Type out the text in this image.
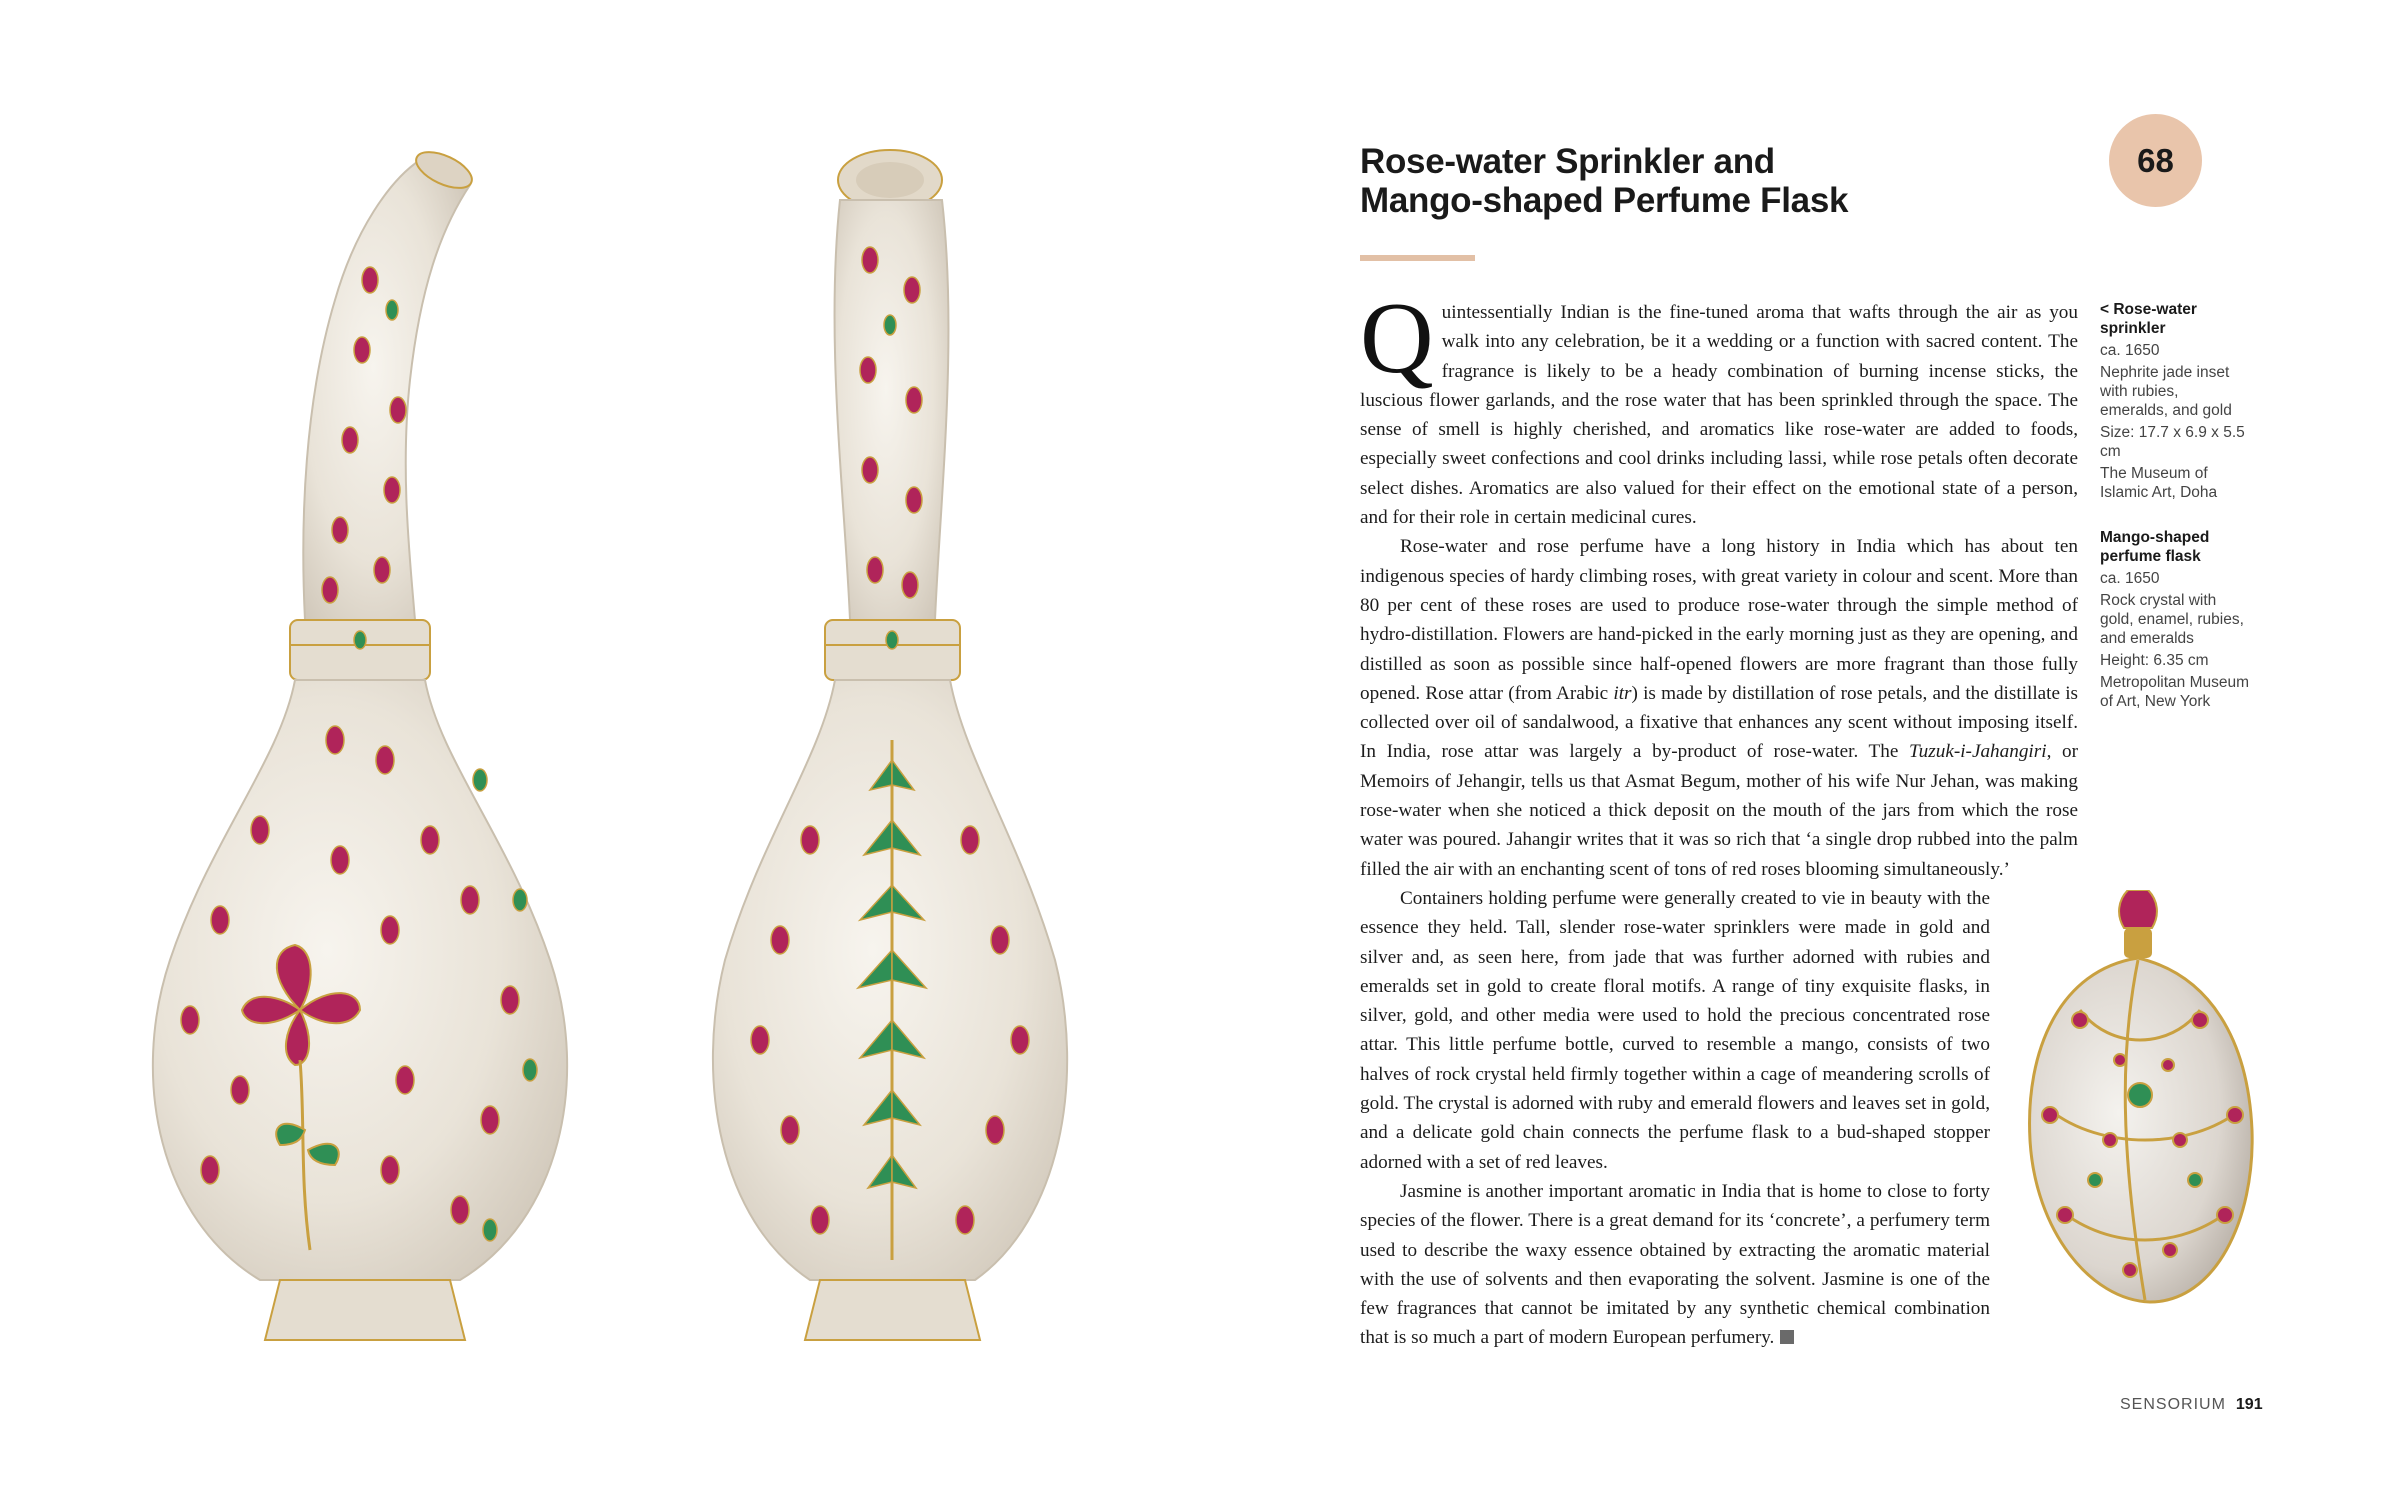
Rose-water Sprinkler and
Mango-shaped Perfume Flask
68

Quintessentially Indian is the fine-tuned aroma that wafts through the air as you walk into any celebration, be it a wedding or a function with sacred content. The fragrance is likely to be a heady combination of burning incense sticks, the luscious flower garlands, and the rose water that has been sprinkled through the space. The sense of smell is highly cherished, and aromatics like rose-water are added to foods, especially sweet confections and cool drinks including lassi, while rose petals often decorate select dishes. Aromatics are also valued for their effect on the emotional state of a person, and for their role in certain medicinal cures.

Rose-water and rose perfume have a long history in India which has about ten indigenous species of hardy climbing roses, with great variety in colour and scent. More than 80 per cent of these roses are used to produce rose-water through the simple method of hydro-distillation. Flowers are hand-picked in the early morning just as they are opening, and distilled as soon as possible since half-opened flowers are more fragrant than those fully opened. Rose attar (from Arabic itr) is made by distillation of rose petals, and the distillate is collected over oil of sandalwood, a fixative that enhances any scent without imposing itself. In India, rose attar was largely a by-product of rose-water. The Tuzuk-i-Jahangiri, or Memoirs of Jehangir, tells us that Asmat Begum, mother of his wife Nur Jehan, was making rose-water when she noticed a thick deposit on the mouth of the jars from which the rose water was poured. Jahangir writes that it was so rich that ‘a single drop rubbed into the palm filled the air with an enchanting scent of tons of red roses blooming simultaneously.’

Containers holding perfume were generally created to vie in beauty with the essence they held. Tall, slender rose-water sprinklers were made in gold and silver and, as seen here, from jade that was further adorned with rubies and emeralds set in gold to create floral motifs. A range of tiny exquisite flasks, in silver, gold, and other media were used to hold the precious concentrated rose attar. This little perfume bottle, curved to resemble a mango, consists of two halves of rock crystal held firmly together within a cage of meandering scrolls of gold. The crystal is adorned with ruby and emerald flowers and leaves set in gold, and a delicate gold chain connects the perfume flask to a bud-shaped stopper adorned with a set of red leaves.

Jasmine is another important aromatic in India that is home to close to forty species of the flower. There is a great demand for its ‘concrete’, a perfumery term used to describe the waxy essence obtained by extracting the aromatic material with the use of solvents and then evaporating the solvent. Jasmine is one of the few fragrances that cannot be imitated by any synthetic chemical combination that is so much a part of modern European perfumery.

< Rose-water sprinkler
ca. 1650
Nephrite jade inset with rubies, emeralds, and gold
Size: 17.7 x 6.9 x 5.5 cm
The Museum of Islamic Art, Doha
Mango-shaped perfume flask
ca. 1650
Rock crystal with gold, enamel, rubies, and emeralds
Height: 6.35 cm
Metropolitan Museum of Art, New York
SENSORIUM 191
